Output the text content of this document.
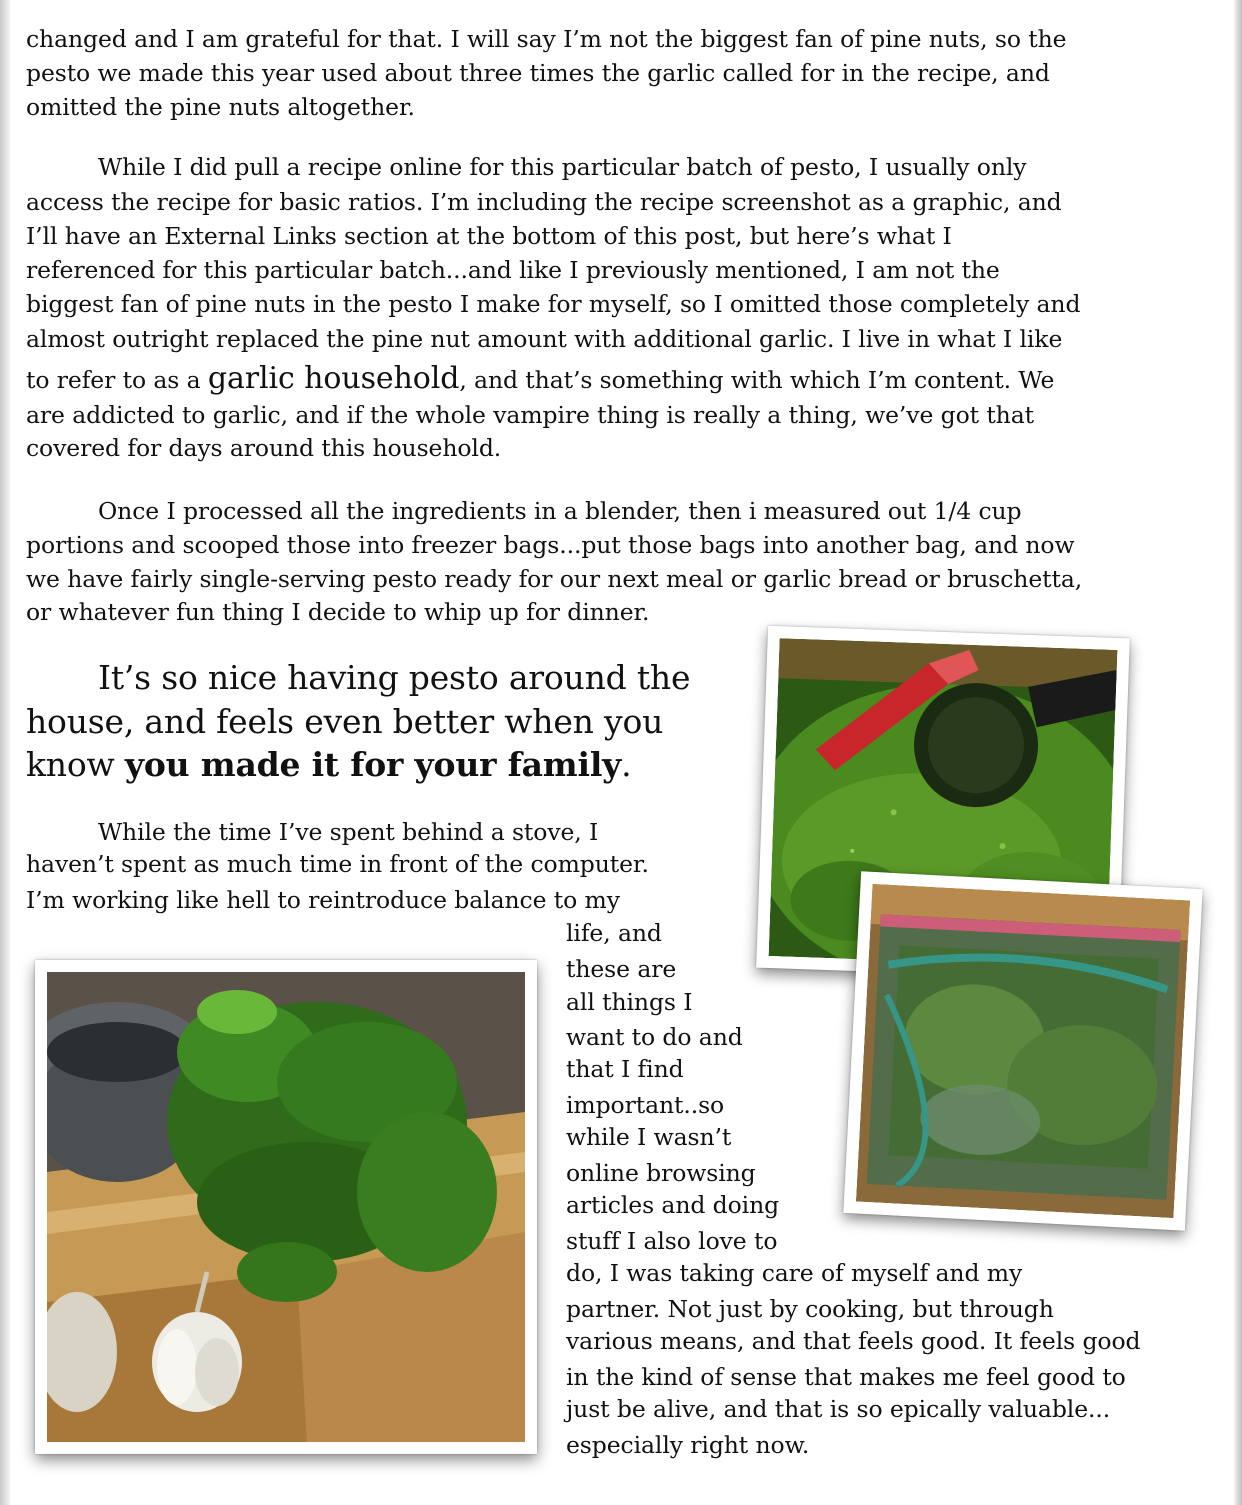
changed and I am grateful for that. I will say I’m not the biggest fan of pine nuts, so the
pesto we made this year used about three times the garlic called for in the recipe, and
omitted the pine nuts altogether.
While I did pull a recipe online for this particular batch of pesto, I usually only
access the recipe for basic ratios. I’m including the recipe screenshot as a graphic, and
I’ll have an External Links section at the bottom of this post, but here’s what I
referenced for this particular batch...and like I previously mentioned, I am not the
biggest fan of pine nuts in the pesto I make for myself, so I omitted those completely and
almost outright replaced the pine nut amount with additional garlic. I live in what I like
to refer to as a garlic household, and that’s something with which I’m content. We
are addicted to garlic, and if the whole vampire thing is really a thing, we’ve got that
covered for days around this household.
Once I processed all the ingredients in a blender, then i measured out 1/4 cup
portions and scooped those into freezer bags...put those bags into another bag, and now
we have fairly single-serving pesto ready for our next meal or garlic bread or bruschetta,
or whatever fun thing I decide to whip up for dinner.
It’s so nice having pesto around the
house, and feels even better when you
know you made it for your family.
While the time I’ve spent behind a stove, I
haven’t spent as much time in front of the computer.
I’m working like hell to reintroduce balance to my
life, and
these are
all things I
want to do and
that I find
important..so
while I wasn’t
online browsing
articles and doing
stuff I also love to
do, I was taking care of myself and my
partner. Not just by cooking, but through
various means, and that feels good. It feels good
in the kind of sense that makes me feel good to
just be alive, and that is so epically valuable...
especially right now.
